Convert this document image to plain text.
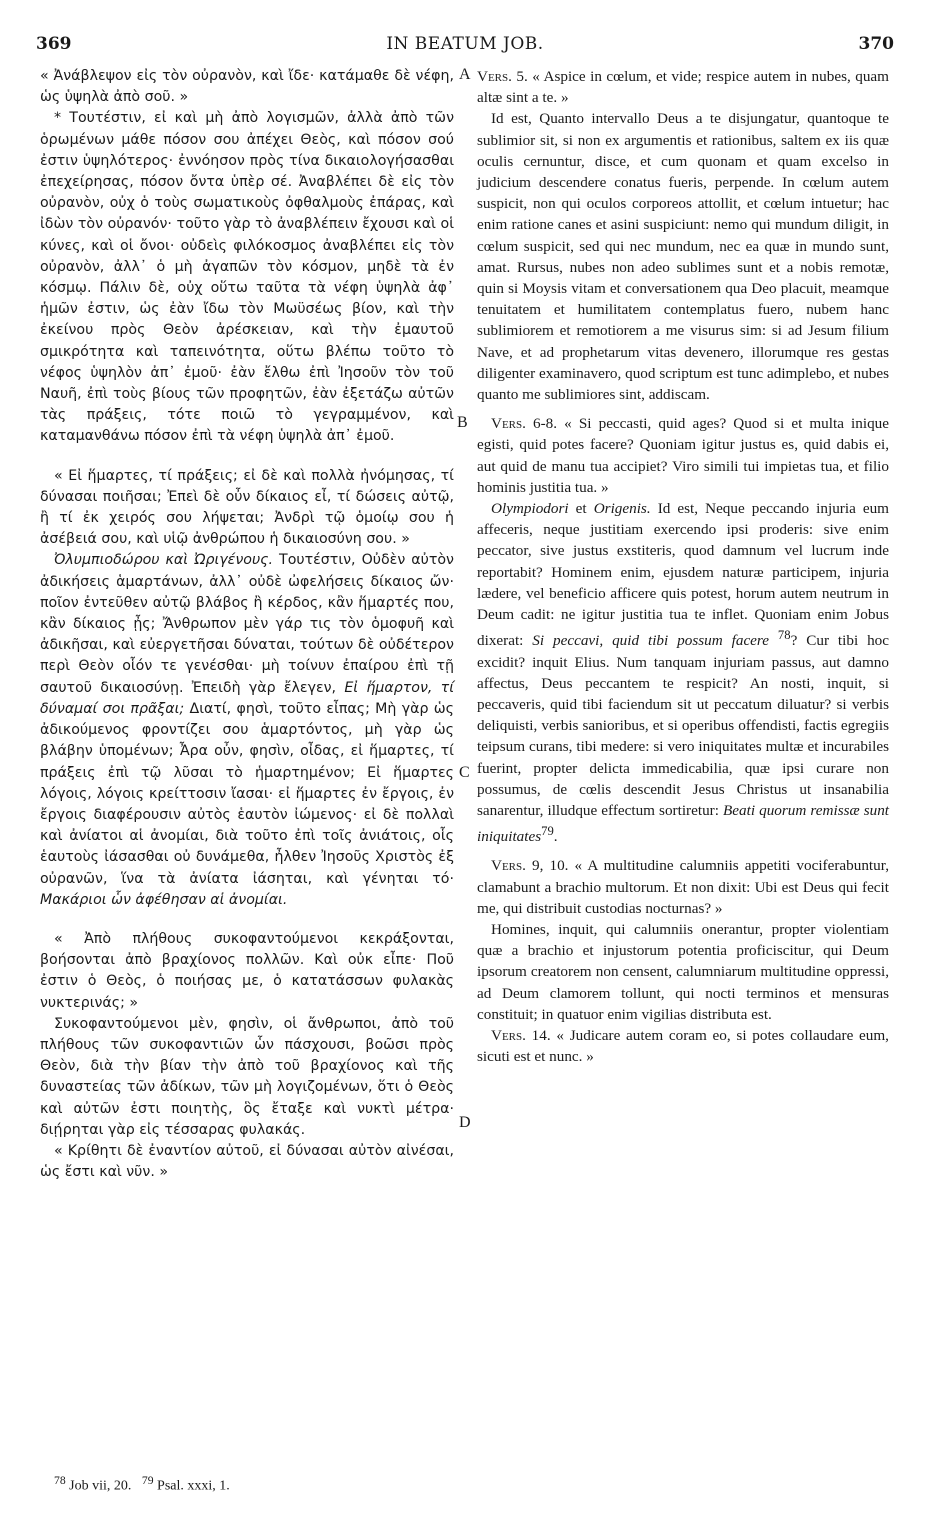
369	IN BEATUM JOB.	370

« Ἀνάβλεψον εἰς τὸν οὐρανὸν, καὶ ἴδε· κατάμαθε δὲ νέφη, ὡς ὑψηλὰ ἀπὸ σοῦ. »

* Τουτέστιν, εἰ καὶ μὴ ἀπὸ λογισμῶν, ἀλλὰ ἀπὸ τῶν ὁρωμένων μάθε πόσον σου ἀπέχει Θεὸς, καὶ πόσον σού ἐστιν ὑψηλότερος· ἐννόησον πρὸς τίνα δικαιολογήσασθαι ἐπεχείρησας, πόσον ὄντα ὑπὲρ σέ. Ἀναβλέπει δὲ εἰς τὸν οὐρανὸν, οὐχ ὁ τοὺς σωματικοὺς ὀφθαλμοὺς ἐπάρας, καὶ ἰδὼν τὸν οὐρανόν· τοῦτο γὰρ τὸ ἀναβλέπειν ἔχουσι καὶ οἱ κύνες, καὶ οἱ ὄνοι· οὐδεὶς φιλόκοσμος ἀναβλέπει εἰς τὸν οὐρανὸν, ἀλλ᾽ ὁ μὴ ἀγαπῶν τὸν κόσμον, μηδὲ τὰ ἐν κόσμῳ. Πάλιν δὲ, οὐχ οὕτω ταῦτα τὰ νέφη ὑψηλὰ ἀφ᾽ ἡμῶν ἐστιν, ὡς ἐὰν ἴδω τὸν Μωϋσέως βίον, καὶ τὴν ἐκείνου πρὸς Θεὸν ἀρέσκειαν, καὶ τὴν ἐμαυτοῦ σμικρότητα καὶ ταπεινότητα, οὕτω βλέπω τοῦτο τὸ νέφος ὑψηλὸν ἀπ᾽ ἐμοῦ· ἐὰν ἔλθω ἐπὶ Ἰησοῦν τὸν τοῦ Ναυῆ, ἐπὶ τοὺς βίους τῶν προφητῶν, ἐὰν ἐξετάζω αὐτῶν τὰς πράξεις, τότε ποιῶ τὸ γεγραμμένον, καὶ καταμανθάνω πόσον ἐπὶ τὰ νέφη ὑψηλὰ ἀπ᾽ ἐμοῦ.

« Εἰ ἥμαρτες, τί πράξεις; εἰ δὲ καὶ πολλὰ ἠνόμησας, τί δύνασαι ποιῆσαι; Ἐπεὶ δὲ οὖν δίκαιος εἶ, τί δώσεις αὐτῷ, ἢ τί ἐκ χειρός σου λήψεται; Ἀνδρὶ τῷ ὁμοίῳ σου ἡ ἀσέβειά σου, καὶ υἱῷ ἀνθρώπου ἡ δικαιοσύνη σου. »

Ὀλυμπιοδώρου καὶ Ὠριγένους. Τουτέστιν, Οὐδὲν αὐτὸν ἀδικήσεις ἁμαρτάνων, ἀλλ᾽ οὐδὲ ὠφελήσεις δίκαιος ὤν· ποῖον ἐντεῦθεν αὐτῷ βλάβος ἢ κέρδος, κἂν ἥμαρτές που, κἂν δίκαιος ᾖς; Ἄνθρωπον μὲν γάρ τις τὸν ὁμοφυῆ καὶ ἀδικῆσαι, καὶ εὐεργετῆσαι δύναται, τούτων δὲ οὐδέτερον περὶ Θεὸν οἷόν τε γενέσθαι· μὴ τοίνυν ἐπαίρου ἐπὶ τῇ σαυτοῦ δικαιοσύνῃ. Ἐπειδὴ γὰρ ἔλεγεν, Εἰ ἥμαρτον, τί δύναμαί σοι πρᾶξαι; Διατί, φησὶ, τοῦτο εἶπας; Μὴ γὰρ ὡς ἀδικούμενος φροντίζει σου ἁμαρτόντος, μὴ γὰρ ὡς βλάβην ὑπομένων; Ἆρα οὖν, φησὶν, οἶδας, εἰ ἥμαρτες, τί πράξεις ἐπὶ τῷ λῦσαι τὸ ἡμαρτημένον; Εἰ ἥμαρτες λόγοις, λόγοις κρείττοσιν ἴασαι· εἰ ἥμαρτες ἐν ἔργοις, ἐν ἔργοις διαφέρουσιν αὐτὸς ἑαυτὸν ἰώμενος· εἰ δὲ πολλαὶ καὶ ἀνίατοι αἱ ἀνομίαι, διὰ τοῦτο ἐπὶ τοῖς ἀνιάτοις, οἷς ἑαυτοὺς ἰάσασθαι οὐ δυνάμεθα, ἦλθεν Ἰησοῦς Χριστὸς ἐξ οὐρανῶν, ἵνα τὰ ἀνίατα ἰάσηται, καὶ γένηται τό· Μακάριοι ὧν ἀφέθησαν αἱ ἀνομίαι.

« Ἀπὸ πλήθους συκοφαντούμενοι κεκράξονται, βοήσονται ἀπὸ βραχίονος πολλῶν. Καὶ οὐκ εἶπε· Ποῦ ἐστιν ὁ Θεὸς, ὁ ποιήσας με, ὁ κατατάσσων φυλακὰς νυκτερινάς; »

Συκοφαντούμενοι μὲν, φησὶν, οἱ ἄνθρωποι, ἀπὸ τοῦ πλήθους τῶν συκοφαντιῶν ὧν πάσχουσι, βοῶσι πρὸς Θεὸν, διὰ τὴν βίαν τὴν ἀπὸ τοῦ βραχίονος καὶ τῆς δυναστείας τῶν ἀδίκων, τῶν μὴ λογιζομένων, ὅτι ὁ Θεὸς καὶ αὐτῶν ἐστι ποιητὴς, ὃς ἔταξε καὶ νυκτὶ μέτρα· διῄρηται γὰρ εἰς τέσσαρας φυλακάς.

« Κρίθητι δὲ ἐναντίον αὐτοῦ, εἰ δύνασαι αὐτὸν αἰνέσαι, ὡς ἔστι καὶ νῦν. »

Vers. 5. « Aspice in cœlum, et vide; respice autem in nubes, quam altæ sint a te. »

Id est, Quanto intervallo Deus a te disjungatur, quantoque te sublimior sit, si non ex argumentis et rationibus, saltem ex iis quæ oculis cernuntur, disce, et cum quonam et quam excelso in judicium descendere conatus fueris, perpende. In cœlum autem suspicit, non qui oculos corporeos attollit, et cœlum intuetur; hac enim ratione canes et asini suspiciunt: nemo qui mundum diligit, in cœlum suspicit, sed qui nec mundum, nec ea quæ in mundo sunt, amat. Rursus, nubes non adeo sublimes sunt et a nobis remotæ, quin si Moysis vitam et conversationem qua Deo placuit, meamque tenuitatem et humilitatem contemplatus fuero, nubem hanc sublimiorem et remotiorem a me visurus sim: si ad Jesum filium Nave, et ad prophetarum vitas devenero, illorumque res gestas diligenter examinavero, quod scriptum est tunc adimplebo, et nubes quanto me sublimiores sint, addiscam.

Vers. 6-8. « Si peccasti, quid ages? Quod si et multa inique egisti, quid potes facere? Quoniam igitur justus es, quid dabis ei, aut quid de manu tua accipiet? Viro simili tui impietas tua, et filio hominis justitia tua. »

Olympiodori et Origenis. Id est, Neque peccando injuria eum affeceris, neque justitiam exercendo ipsi proderis: sive enim peccator, sive justus exstiteris, quod damnum vel lucrum inde reportabit? Hominem enim, ejusdem naturæ participem, injuria lædere, vel beneficio afficere quis potest, horum autem neutrum in Deum cadit: ne igitur justitia tua te inflet. Quoniam enim Jobus dixerat: Si peccavi, quid tibi possum facere $^{78}$? Cur tibi hoc excidit? inquit Elius. Num tanquam injuriam passus, aut damno affectus, Deus peccantem te respicit? An nosti, inquit, si peccaveris, quid tibi faciendum sit ut peccatum diluatur? si verbis deliquisti, verbis sanioribus, et si operibus offendisti, factis egregiis teipsum curans, tibi medere: si vero iniquitates multæ et incurabiles fuerint, propter delicta immedicabilia, quæ ipsi curare non possumus, de cœlis descendit Jesus Christus ut insanabilia sanarentur, illudque effectum sortiretur: Beati quorum remissæ sunt iniquitates$^{79}$.

Vers. 9, 10. « A multitudine calumniis appetiti vociferabuntur, clamabunt a brachio multorum. Et non dixit: Ubi est Deus qui fecit me, qui distribuit custodias nocturnas? »

Homines, inquit, qui calumniis onerantur, propter violentiam quæ a brachio et injustorum potentia proficiscitur, qui Deum ipsorum creatorem non censent, calumniarum multitudine oppressi, ad Deum clamorem tollunt, qui nocti terminos et mensuras constituit; in quatuor enim vigilias distributa est.

Vers. 14. « Judicare autem coram eo, si potes collaudare eum, sicuti est et nunc. »

A
B
C
D
$^{78}$ Job vii, 20. $^{79}$ Psal. xxxi, 1.
